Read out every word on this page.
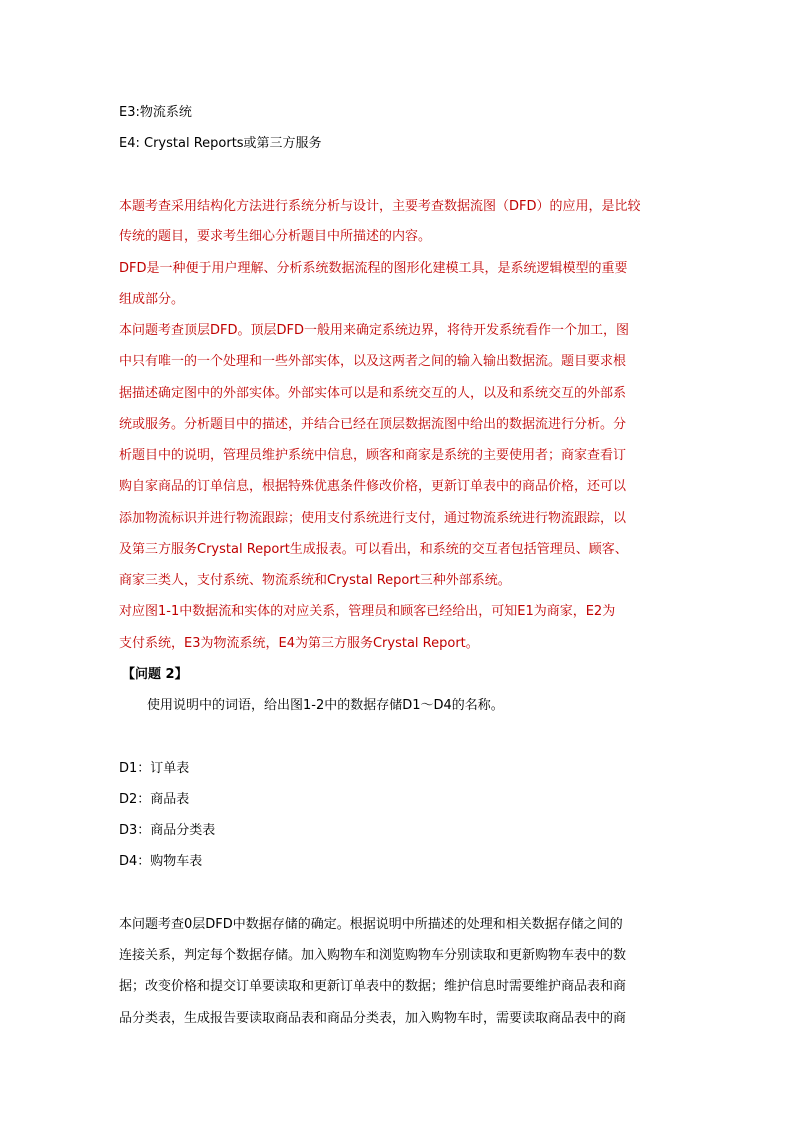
E3:物流系统
E4: Crystal Reports或第三方服务
本题考查采用结构化方法进行系统分析与设计，主要考查数据流图（DFD）的应用，是比较
传统的题目，要求考生细心分析题目中所描述的内容。
DFD是一种便于用户理解、分析系统数据流程的图形化建模工具，是系统逻辑模型的重要
组成部分。
本问题考查顶层DFD。顶层DFD一般用来确定系统边界，将待开发系统看作一个加工，图
中只有唯一的一个处理和一些外部实体，以及这两者之间的输入输出数据流。题目要求根
据描述确定图中的外部实体。外部实体可以是和系统交互的人，以及和系统交互的外部系
统或服务。分析题目中的描述，并结合已经在顶层数据流图中给出的数据流进行分析。分
析题目中的说明，管理员维护系统中信息，顾客和商家是系统的主要使用者；商家查看订
购自家商品的订单信息，根据特殊优惠条件修改价格，更新订单表中的商品价格，还可以
添加物流标识并进行物流跟踪；使用支付系统进行支付，通过物流系统进行物流跟踪，以
及第三方服务Crystal Report生成报表。可以看出，和系统的交互者包括管理员、顾客、
商家三类人，支付系统、物流系统和Crystal Report三种外部系统。
对应图1-1中数据流和实体的对应关系，管理员和顾客已经给出，可知E1为商家，E2为
支付系统，E3为物流系统，E4为第三方服务Crystal Report。
【问题 2】
使用说明中的词语，给出图1-2中的数据存储D1～D4的名称。
D1：订单表
D2：商品表
D3：商品分类表
D4：购物车表
本问题考查0层DFD中数据存储的确定。根据说明中所描述的处理和相关数据存储之间的
连接关系，判定每个数据存储。加入购物车和浏览购物车分别读取和更新购物车表中的数
据；改变价格和提交订单要读取和更新订单表中的数据；维护信息时需要维护商品表和商
品分类表，生成报告要读取商品表和商品分类表，加入购物车时，需要读取商品表中的商
